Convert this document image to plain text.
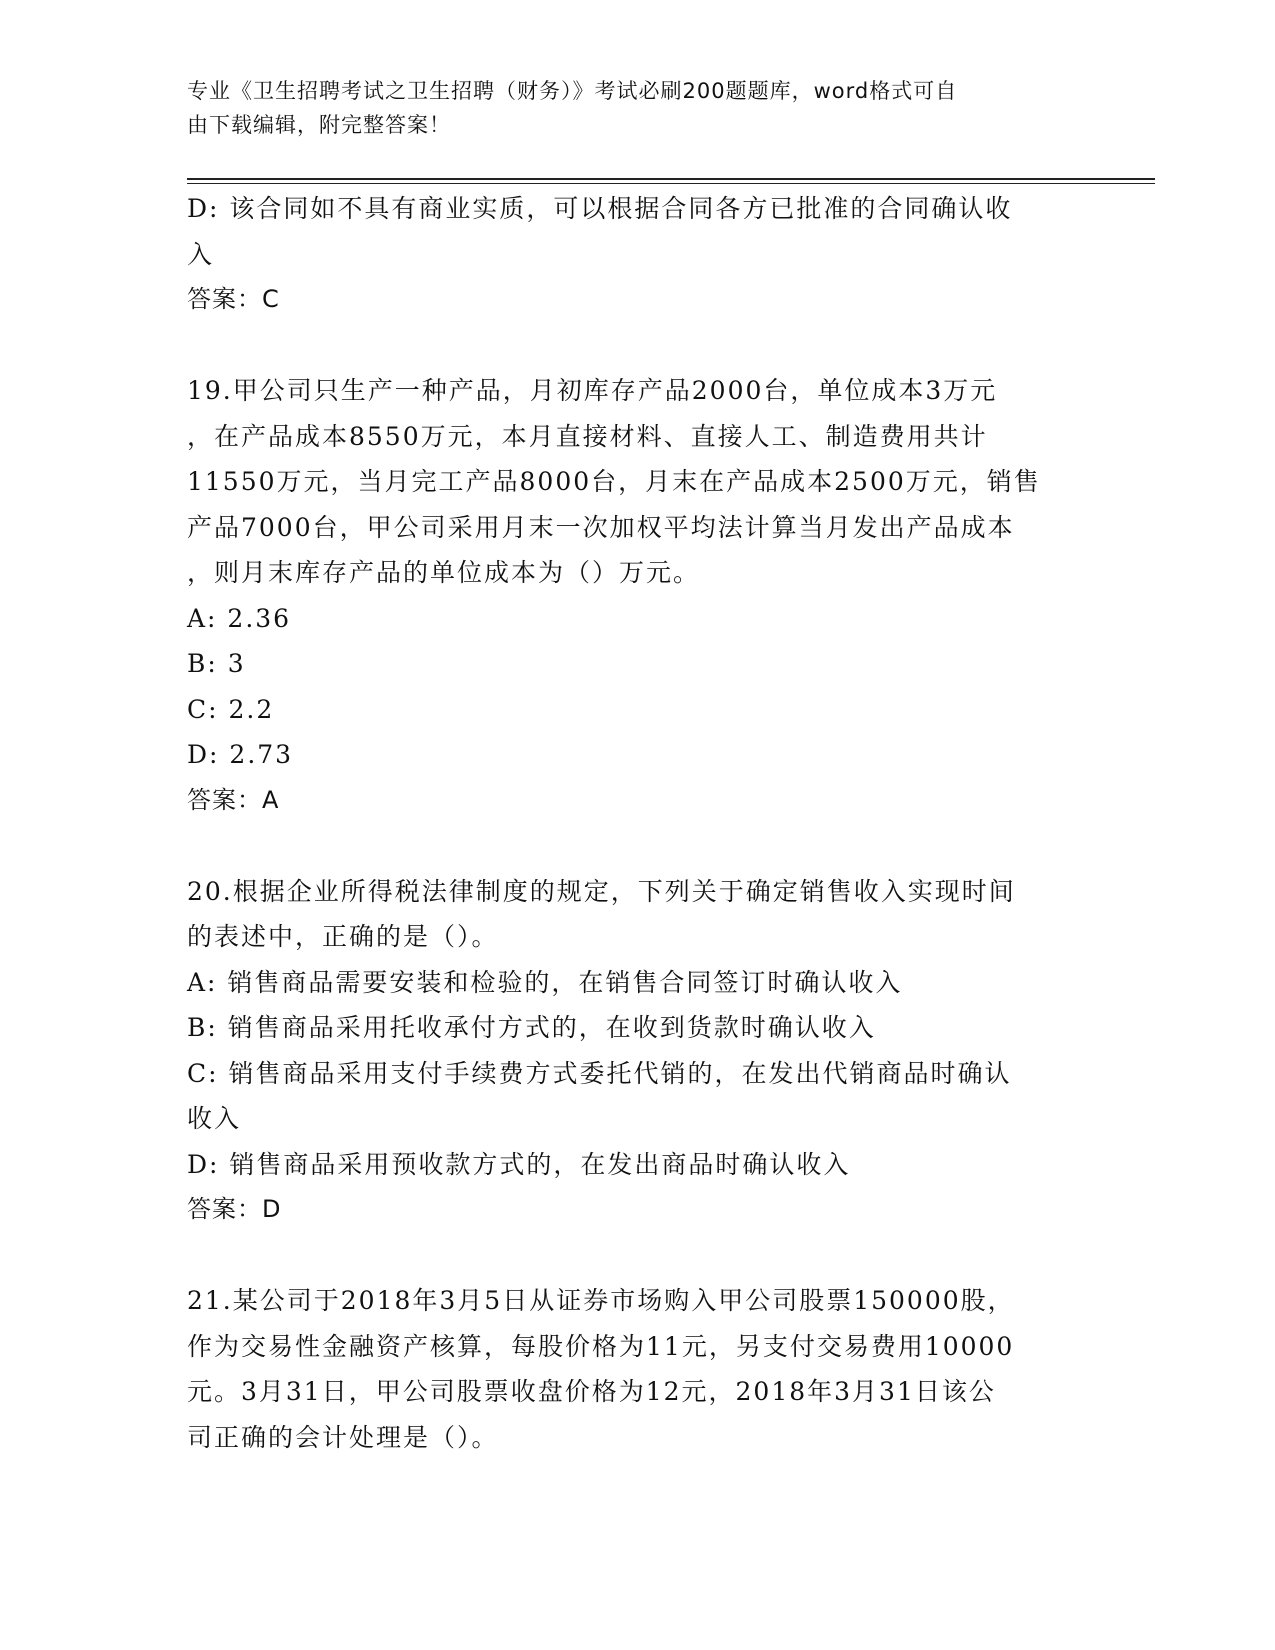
专业《卫生招聘考试之卫生招聘（财务）》考试必刷200题题库，word格式可自
由下载编辑，附完整答案！
D: 该合同如不具有商业实质，可以根据合同各方已批准的合同确认收
入
答案：C
19.甲公司只生产一种产品，月初库存产品2000台，单位成本3万元
，在产品成本8550万元，本月直接材料、直接人工、制造费用共计
11550万元，当月完工产品8000台，月末在产品成本2500万元，销售
产品7000台，甲公司采用月末一次加权平均法计算当月发出产品成本
，则月末库存产品的单位成本为（）万元。
A: 2.36
B: 3
C: 2.2
D: 2.73
答案：A
20.根据企业所得税法律制度的规定，下列关于确定销售收入实现时间
的表述中，正确的是（）。
A: 销售商品需要安装和检验的，在销售合同签订时确认收入
B: 销售商品采用托收承付方式的，在收到货款时确认收入
C: 销售商品采用支付手续费方式委托代销的，在发出代销商品时确认
收入
D: 销售商品采用预收款方式的，在发出商品时确认收入
答案：D
21.某公司于2018年3月5日从证券市场购入甲公司股票150000股，
作为交易性金融资产核算，每股价格为11元，另支付交易费用10000
元。3月31日，甲公司股票收盘价格为12元，2018年3月31日该公
司正确的会计处理是（）。
